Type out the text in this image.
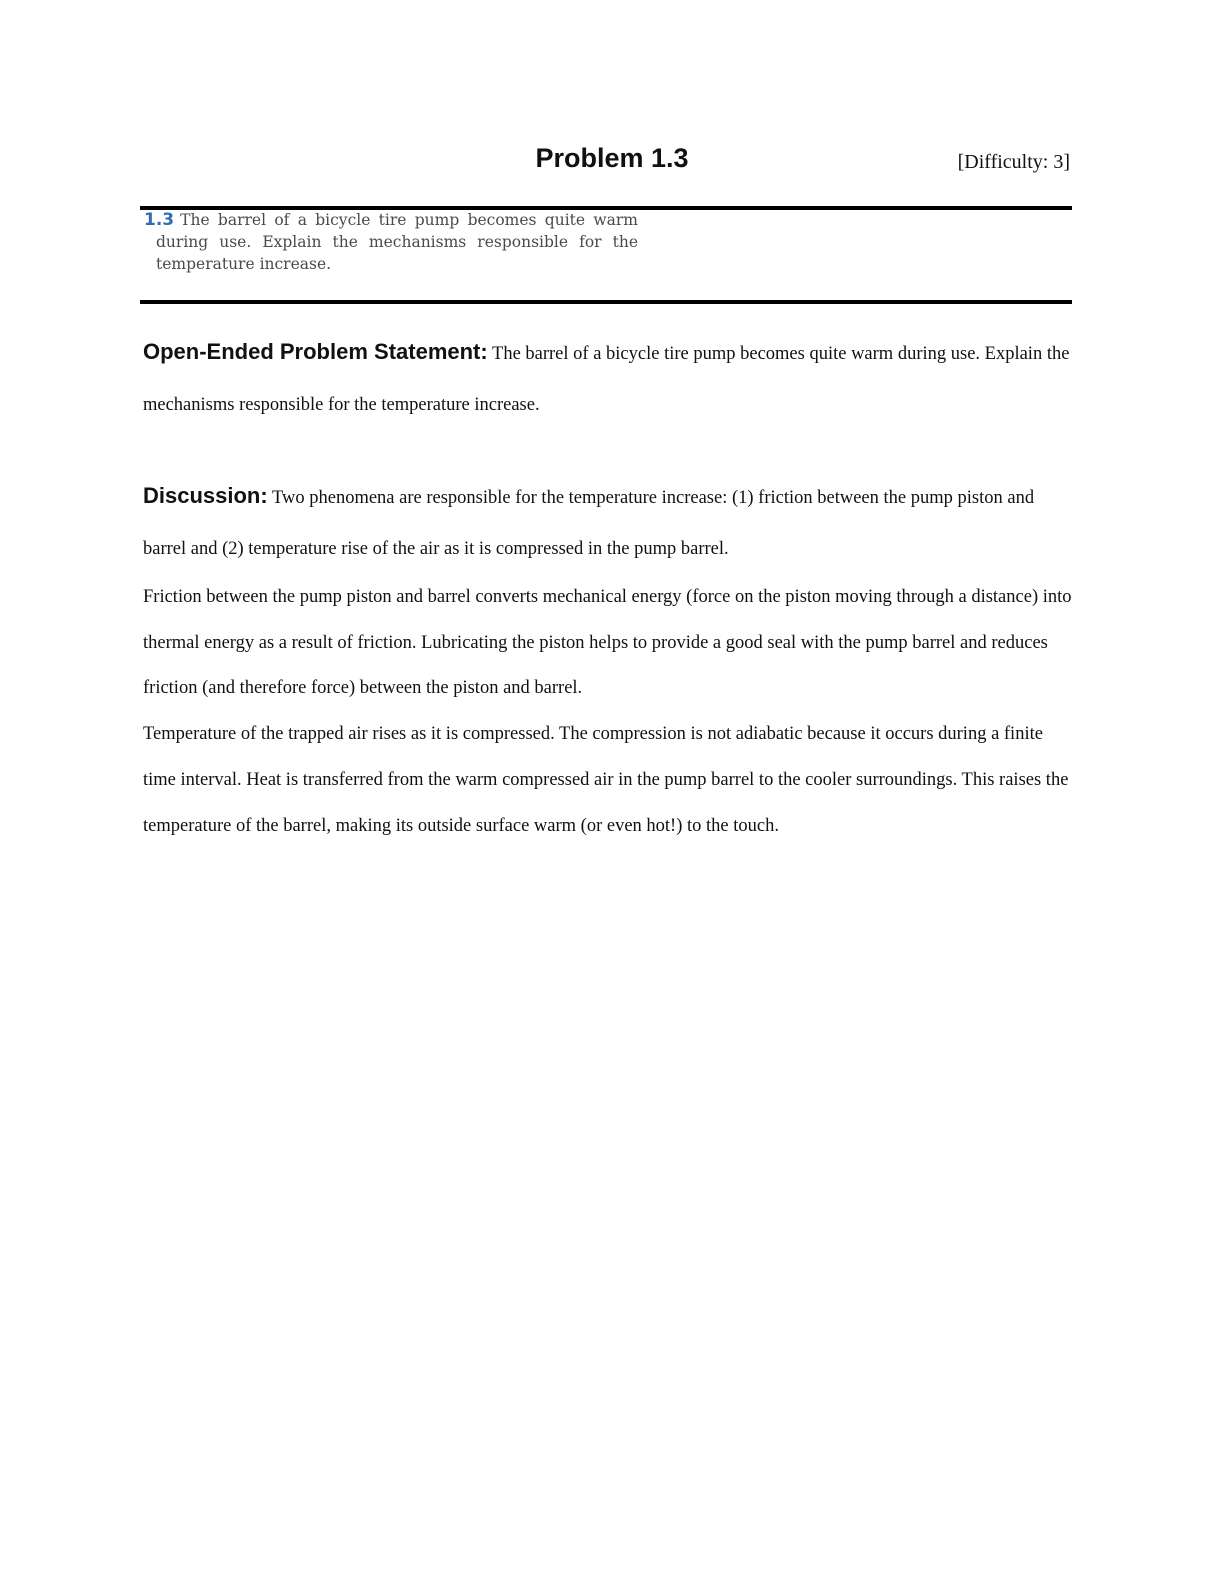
Problem 1.3	[Difficulty: 3]
1.3 The barrel of a bicycle tire pump becomes quite warm during use. Explain the mechanisms responsible for the temperature increase.
Open-Ended Problem Statement: The barrel of a bicycle tire pump becomes quite warm during use. Explain the mechanisms responsible for the temperature increase.

Discussion: Two phenomena are responsible for the temperature increase: (1) friction between the pump piston and barrel and (2) temperature rise of the air as it is compressed in the pump barrel.

Friction between the pump piston and barrel converts mechanical energy (force on the piston moving through a distance) into thermal energy as a result of friction. Lubricating the piston helps to provide a good seal with the pump barrel and reduces friction (and therefore force) between the piston and barrel.

Temperature of the trapped air rises as it is compressed. The compression is not adiabatic because it occurs during a finite time interval. Heat is transferred from the warm compressed air in the pump barrel to the cooler surroundings. This raises the temperature of the barrel, making its outside surface warm (or even hot!) to the touch.
